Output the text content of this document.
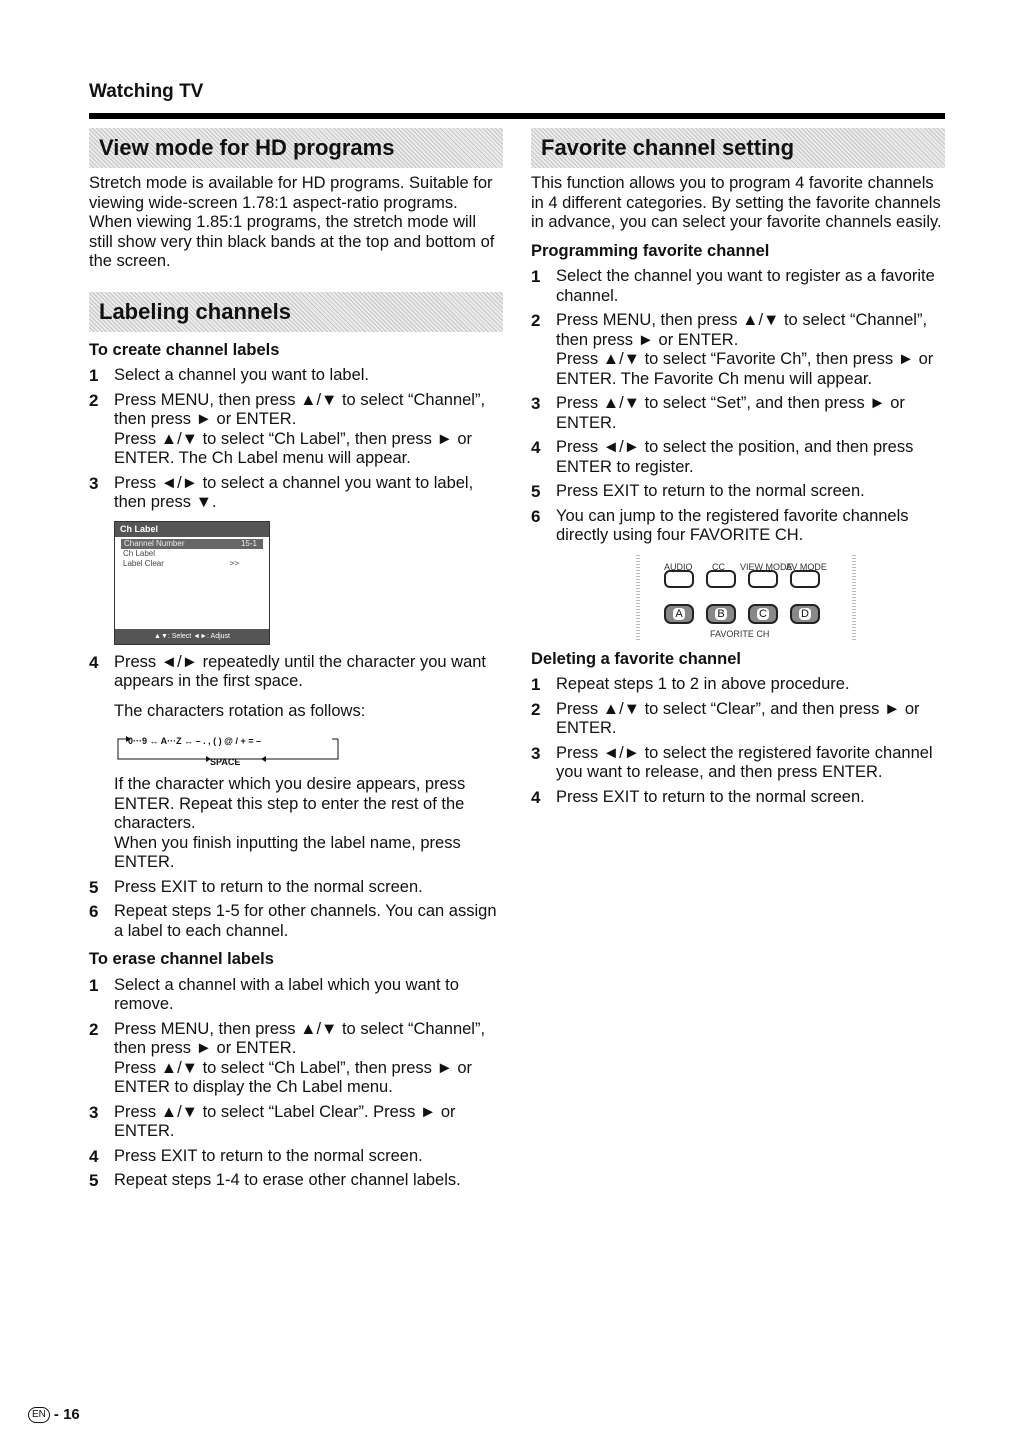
Watching TV
View mode for HD programs

Stretch mode is available for HD programs. Suitable for viewing wide-screen 1.78:1 aspect-ratio programs. When viewing 1.85:1 programs, the stretch mode will still show very thin black bands at the top and bottom of the screen.

Labeling channels
To create channel labels
1 Select a channel you want to label.
2 Press MENU, then press ▲/▼ to select “Channel”, then press ► or ENTER.
Press ▲/▼ to select “Ch Label”, then press ► or ENTER. The Ch Label menu will appear.
3 Press ◄/► to select a channel you want to label, then press ▼.
Ch Label
Channel Number	15-1
Ch Label
Label Clear	>>
▲▼: Select ◄►: Adjust
4 Press ◄/► repeatedly until the character you want appears in the first space.

The characters rotation as follows:

0···9 ↔ A···Z ↔ – . , ( ) @ / + = –
SPACE

If the character which you desire appears, press ENTER. Repeat this step to enter the rest of the characters.

When you finish inputting the label name, press ENTER.

5 Press EXIT to return to the normal screen.
6 Repeat steps 1-5 for other channels. You can assign a label to each channel.
To erase channel labels
1 Select a channel with a label which you want to remove.
2 Press MENU, then press ▲/▼ to select “Channel”, then press ► or ENTER.
Press ▲/▼ to select “Ch Label”, then press ► or ENTER to display the Ch Label menu.
3 Press ▲/▼ to select “Label Clear”. Press ► or ENTER.
4 Press EXIT to return to the normal screen.
5 Repeat steps 1-4 to erase other channel labels.
Favorite channel setting

This function allows you to program 4 favorite channels in 4 different categories. By setting the favorite channels in advance, you can select your favorite channels easily.

Programming favorite channel
1 Select the channel you want to register as a favorite channel.
2 Press MENU, then press ▲/▼ to select “Channel”, then press ► or ENTER.
Press ▲/▼ to select “Favorite Ch”, then press ► or ENTER. The Favorite Ch menu will appear.
3 Press ▲/▼ to select “Set”, and then press ► or ENTER.
4 Press ◄/► to select the position, and then press ENTER to register.
5 Press EXIT to return to the normal screen.
6 You can jump to the registered favorite channels directly using four FAVORITE CH.
AUDIO CC VIEW MODE
AV MODE
A	B	C	D
FAVORITE CH
Deleting a favorite channel
1 Repeat steps 1 to 2 in above procedure.
2 Press ▲/▼ to select “Clear”, and then press ► or ENTER.
3 Press ◄/► to select the registered favorite channel you want to release, and then press ENTER.
4 Press EXIT to return to the normal screen.
EN - 16
